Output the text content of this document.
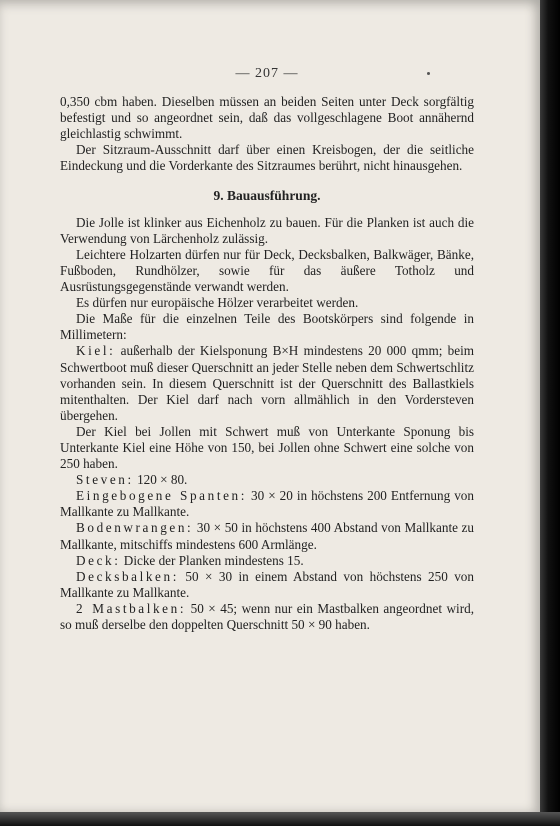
— 207 —

0,350 cbm haben. Dieselben müssen an beiden Seiten unter Deck sorgfältig befestigt und so angeordnet sein, daß das vollgeschlagene Boot annähernd gleichlastig schwimmt.

Der Sitzraum-Ausschnitt darf über einen Kreisbogen, der die seitliche Eindeckung und die Vorderkante des Sitzraumes berührt, nicht hinausgehen.

9. Bauausführung.

Die Jolle ist klinker aus Eichenholz zu bauen. Für die Planken ist auch die Verwendung von Lärchenholz zulässig.

Leichtere Holzarten dürfen nur für Deck, Decksbalken, Balkwäger, Bänke, Fußboden, Rundhölzer, sowie für das äußere Totholz und Ausrüstungsgegenstände verwandt werden.

Es dürfen nur europäische Hölzer verarbeitet werden.

Die Maße für die einzelnen Teile des Bootskörpers sind folgende in Millimetern:

Kiel: außerhalb der Kielsponung B×H mindestens 20 000 qmm; beim Schwertboot muß dieser Querschnitt an jeder Stelle neben dem Schwertschlitz vorhanden sein. In diesem Querschnitt ist der Querschnitt des Ballastkiels mitenthalten. Der Kiel darf nach vorn allmählich in den Vordersteven übergehen.

Der Kiel bei Jollen mit Schwert muß von Unterkante Sponung bis Unterkante Kiel eine Höhe von 150, bei Jollen ohne Schwert eine solche von 250 haben.

Steven: 120 × 80.

Eingebogene Spanten: 30 × 20 in höchstens 200 Entfernung von Mallkante zu Mallkante.

Bodenwrangen: 30 × 50 in höchstens 400 Abstand von Mallkante zu Mallkante, mitschiffs mindestens 600 Armlänge.

Deck: Dicke der Planken mindestens 15.

Decksbalken: 50 × 30 in einem Abstand von höchstens 250 von Mallkante zu Mallkante.

2 Mastbalken: 50 × 45; wenn nur ein Mastbalken angeordnet wird, so muß derselbe den doppelten Querschnitt 50 × 90 haben.
